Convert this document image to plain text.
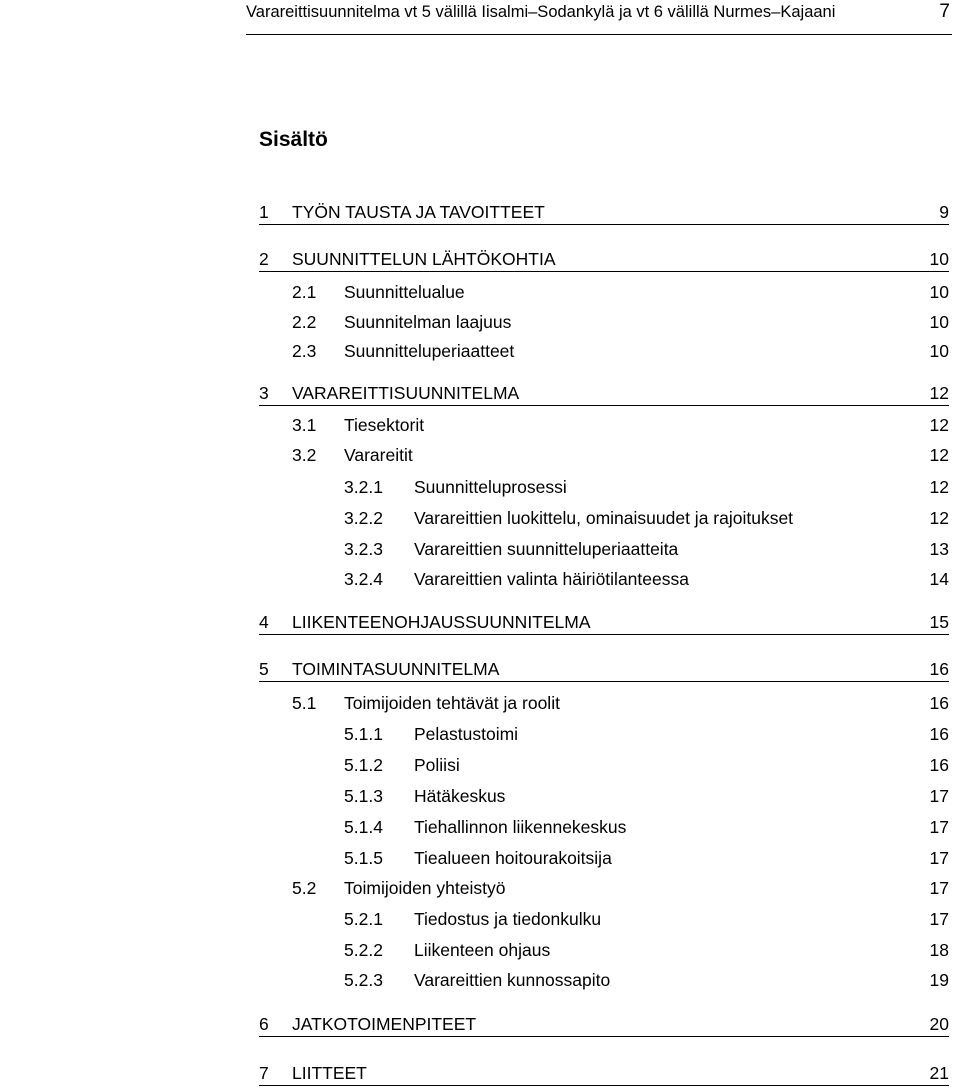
Varareittisuunnitelma vt 5 välillä Iisalmi–Sodankylä ja vt 6 välillä Nurmes–Kajaani	7
Sisältö
1 TYÖN TAUSTA JA TAVOITTEET	9
2 SUUNNITTELUN LÄHTÖKOHTIA	10
2.1 Suunnittelualue	10
2.2 Suunnitelman laajuus	10
2.3 Suunnitteluperiaatteet	10
3 VARAREITTISUUNNITELMA	12
3.1 Tiesektorit	12
3.2 Varareitit	12
3.2.1 Suunnitteluprosessi	12
3.2.2 Varareittien luokittelu, ominaisuudet ja rajoitukset	12
3.2.3 Varareittien suunnitteluperiaatteita	13
3.2.4 Varareittien valinta häiriötilanteessa	14
4 LIIKENTEENOHJAUSSUUNNITELMA	15
5 TOIMINTASUUNNITELMA	16
5.1 Toimijoiden tehtävät ja roolit	16
5.1.1 Pelastustoimi	16
5.1.2 Poliisi	16
5.1.3 Hätäkeskus	17
5.1.4 Tiehallinnon liikennekeskus	17
5.1.5 Tiealueen hoitourakoitsija	17
5.2 Toimijoiden yhteistyö	17
5.2.1 Tiedostus ja tiedonkulku	17
5.2.2 Liikenteen ohjaus	18
5.2.3 Varareittien kunnossapito	19
6 JATKOTOIMENPITEET	20
7 LIITTEET	21
